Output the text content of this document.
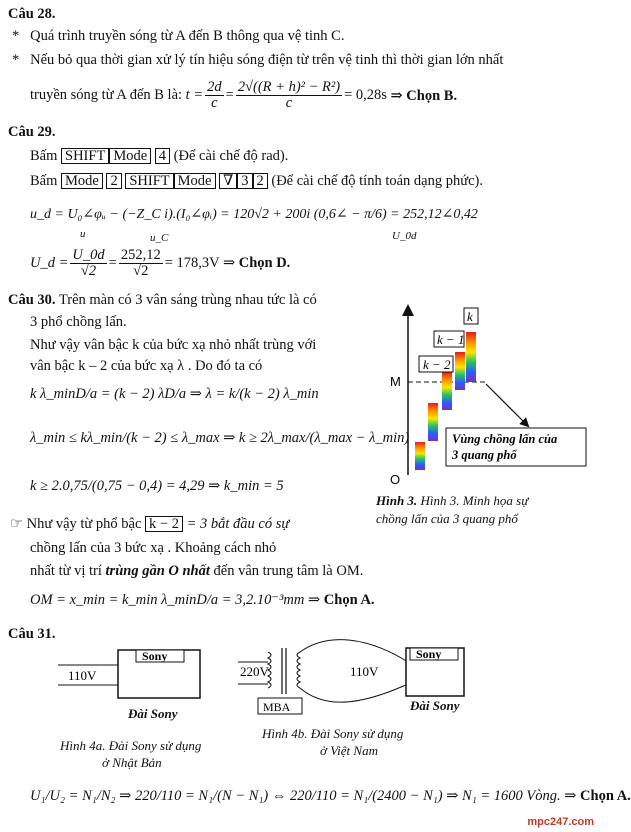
Câu 28.
*   Quá trình truyền sóng từ A đến B thông qua vệ tinh C.
*   Nếu bỏ qua thời gian xử lý tín hiệu sóng điện từ trên vệ tinh thì thời gian lớn nhất
truyền sóng từ A đến B là:
$t = \frac{2d}{c} = \frac{\text{2√((R + h)² − R²)}}{c} = 0,28s$
⇒ Chọn B.
Câu 29.
Bấm SHIFT Mode 4 (Để cài chế độ rad).
Bấm Mode 2 SHIFT Mode ∇ 3 2 (Để cài chế độ tính toán dạng phức).
u_d = U₀∠φᵤ − (−Z_C i).(I₀∠φᵢ) = 120√2 + 200i (0,6∠ − π/6) = 252,12∠0,42
u	u_C	U_0d
U_d = $\frac{U\_0d}{√2} = \frac{252,12}{√2} = 178,3V$ ⇒
Chọn D.
Câu 30. Trên màn có 3 vân sáng trùng nhau tức là có
3 phổ chồng lấn.
Như vậy vân bậc k của bức xạ nhỏ nhất trùng với
vân bậc k – 2 của bức xạ λ . Do đó ta có
k λ_minD/a = (k − 2) λD/a ⇒ λ = k/(k − 2) λ_min
λ_min ≤ kλ_min/(k − 2) ≤ λ_max ⇒ k ≥ 2λ_max/(λ_max − λ_min)
k ≥ 2.0,75/(0,75 − 0,4) = 4,29 ⇒ k_min = 5
☞ Như vậy từ phổ bậc k − 2 = 3 bắt đầu có sự
chồng lấn của 3 bức xạ . Khoảng cách nhỏ
nhất từ vị trí trùng gần O nhất đến vân trung tâm là OM.
OM = x_min = k_min λ_minD/a = 3,2.10⁻³mm ⇒ Chọn A.
k − 2
k − 1
k
M
O
Vùng chồng lấn của
3 quang phổ
Hình 3. Hình 3. Minh họa sự
chồng lấn của 3 quang phổ
Câu 31.
Sony
110V
Đài Sony
Hình 4a. Đài Sony sử dụng
ở Nhật Bản
MBA
Sony
220V	110V
Đài Sony
Hình 4b. Đài Sony sử dụng
ở Việt Nam
U₁/U₂ = N₁/N₂ ⇒ 220/110 = N₁/(N − N₁) ⇔ 220/110 = N₁/(2400 − N₁) ⇒ N₁ = 1600 Vòng. ⇒ Chọn A.
mpc247.com
